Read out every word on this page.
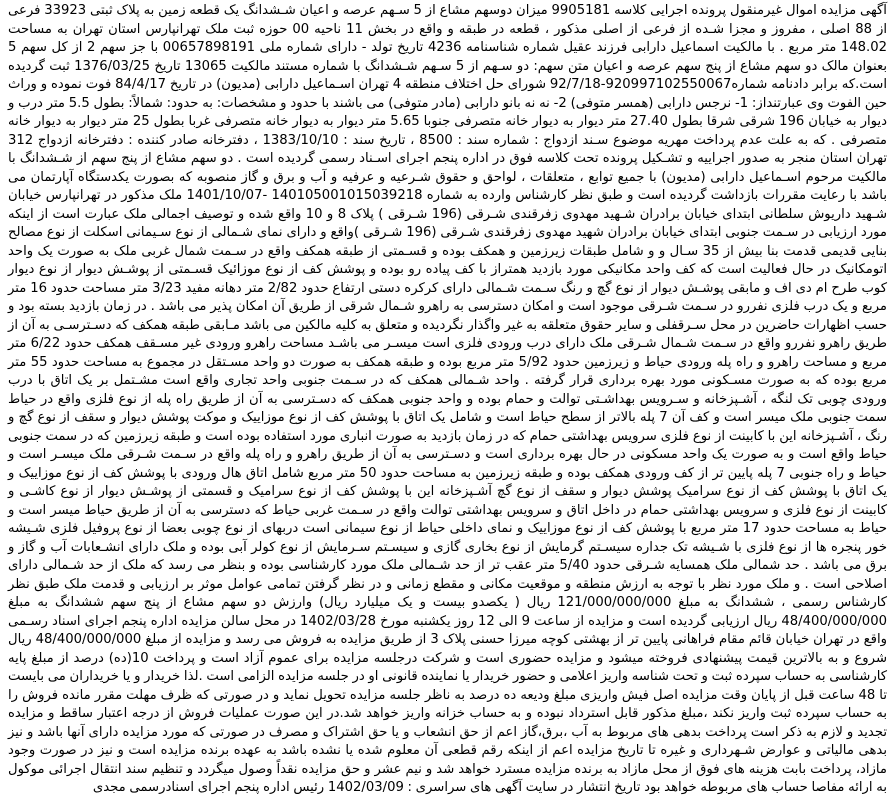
آگهی مزایده اموال غیرمنقول پرونده اجرایی کلاسه 9905181 میزان دوسهم مشاع از 5 سـهم عرصه و اعیان شـشدانگ یک قطعه زمین به پلاک ثبتی 33923 فرعی از 88 اصلی ، مفروز و مجزا شـده از فرعی از اصلی مذکور ، قطعه در طبقه و واقع در بخش 11 ناحیه 00 حوزه ثبت ملک تهرانپارس استان تهران به مساحت 148.02 متر مربع . با مالکیت اسماعیل دارابی فرزند عقیل شماره شناسنامه 4236 تاریخ تولد - دارای شماره ملی 00657898191 با جز سهم 2 از کل سهم 5 بعنوان مالک دو سهم مشاع از پنج سهم عرصه و اعیان متن سهم: دو سـهم از 5 سـهم شـشدانگ با شماره مستند مالکیت 13065 تاریخ 1376/03/25 ثبت گردیده است.که برابر دادنامه شماره920997102550067-92/7/18 شورای حل اختلاف منطقه 4 تهران اسـماعیل دارابی (مدیون) در تاریخ 84/4/17 فوت نموده و وراث حین الفوت وی عبارتنداز: 1- نرجس دارابی (همسر متوفی) 2- نه نه بانو دارابی (مادر متوفی) می باشند با حدود و مشخصات: به حدود: شمالاً: بطول 5.5 متر درب و دیوار به خیابان 196 شرقی شرقا بطول 27.40 متر دیوار به دیوار خانه متصرفی جنوبا 5.65 متر دیوار به دیوار خانه متصرفی غربا بطول 25 متر دیوار به دیوار خانه متصرفی . که به علت عدم پرداخت مهریه موضوع سـند ازدواج : شماره سند : 8500 ، تاریخ سند : 1383/10/10 ، دفترخانه صادر کننده : دفترخانه ازدواج 312 تهران استان منجر به صدور اجراییه و تشـکیل پرونده تحت کلاسه فوق در اداره پنجم اجرای اسـناد رسمی گردیده است . دو سهم مشاع از پنج سهم از شـشدانگ با مالکیت مرحوم اسـماعیل دارابی (مدیون) با جمیع توابع ، متعلقات ، لواحق و حقوق شـرعیه و عرفیه و آب و برق و گاز منصوبه که بصورت یکدستگاه آپارتمان می باشد با رعایت مقررات بازداشت گردیده است و طبق نظر کارشناس وارده به شماره 140105001015039218 -1401/10/07 ملک مذکور در تهرانپارس خیابان شـهید داریوش سلطانی ابتدای خیابان برادران شـهید مهدوی زفرقندی شـرقی (196 شـرقی ) پلاک 8 و 10 واقع شده و توصیف اجمالی ملک عبارت است از اینکه مورد ارزیابی در سـمت جنوبی ابتدای خیابان برادران شهید مهدوی زفرقندی شـرقی (196 شـرقی )واقع و دارای نمای شـمالی از نوع سـیمانی اسکلت از نوع مصالح بنایی قدیمی قدمت بنا بیش از 35 سـال و و شامل طبقات زیرزمین و همکف بوده و قسـمتی از طبقه همکف واقع در سـمت شمال غربی ملک به صورت یک واحد اتومکانیک در حال فعالیت است که کف واحد مکانیکی مورد بازدید همتراز با کف پیاده رو بوده و پوشش کف از نوع موزائیک قسـمتی از پوشـش دیوار از نوع دیوار کوب طرح ام دی اف و مابقی پوشـش دیوار از نوع گچ و رنگ سـمت شـمالی دارای کرکره دستی ارتفاع حدود 2/82 متر دهانه مفید 3/23 متر مساحت حدود 16 متر مربع و یک درب فلزی نفررو در سـمت شـرقی موجود است و امکان دسترسی به راهرو شـمال شرقی از طریق آن امکان پذیر می باشد . در زمان بازدید بسته بود و حسب اظهارات حاضرین در محل سـرقفلی و سایر حقوق متعلقه به غیر واگذار نگردیده و متعلق به کلیه مالکین می باشد مـابقی طبقه همکف که دسـترسـی به آن از طریق راهرو نفررو واقع در سـمت شـمال شـرقی ملک دارای درب ورودی فلزی است میسـر می باشـد مساحت راهرو ورودی غیر مسـقف همکف حدود 6/22 متر مربع و مساحت راهرو و راه پله ورودی حیاط و زیرزمین حدود 5/92 متر مربع بوده و طبقه همکف به صورت دو واحد مسـتقل در مجموع به مساحت حدود 55 متر مربع بوده که به صورت مسـکونی مورد بهره برداری قرار گرفته . واحد شـمالی همکف که در سـمت جنوبی واحد تجاری واقع است مشـتمل بر یک اتاق با درب ورودی چوبی تک لنگه ، آشـپزخانه و سـرویس بهداشـتی توالت و حمام بوده و واحد جنوبی همکف که دسـترسی به آن از طریق راه پله از نوع فلزی واقع در حیاط سمت جنوبی ملک میسر است و کف آن 7 پله بالاتر از سطح حیاط است و شامل یک اتاق با پوشش کف از نوع موزاییک و موکت پوشش دیوار و سقف از نوع گچ و رنگ ، آشـپزخانه این با کابینت از نوع فلزی سرویس بهداشتی حمام که در زمان بازدید به صورت انباری مورد استفاده بوده است و طبقه زیرزمین که در سمت جنوبی حیاط واقع است و به صورت یک واحد مسکونی در حال بهره برداری است و دسـترسی به آن از طریق راهرو و راه پله واقع در سـمت شـرقی ملک میسـر است و حیاط و راه جنوبی 7 پله پایین تر از کف ورودی همکف بوده و طبقه زیرزمین به مساحت حدود 50 متر مربع شامل اتاق هال ورودی با پوشش کف از نوع موزاییک و یک اتاق با پوشش کف از نوع سرامیک پوشش دیوار و سقف از نوع گچ آشـپزخانه این با پوشش کف از نوع سرامیک و قسمتی از پوشـش دیوار از نوع کاشـی و کابینت از نوع فلزی و سرویس بهداشتی حمام در داخل اتاق و سرویس بهداشتی توالت واقع در سـمت غربی حیاط که دسترسی به آن از طریق حیاط میسر است و حیاط به مساحت حدود 17 متر مربع با پوشش کف از نوع موزاییک و نمای داخلی حیاط از نوع سیمانی است دربهای از نوع چوبی بعضا از نوع پروفیل فلزی شـیشه خور پنجره ها از نوع فلزی با شـیشه تک جداره سیسـتم گرمایش از نوع بخاری گازی و سیسـتم سـرمایش از نوع کولر آبی بوده و ملک دارای انشـعابات آب و گاز و برق می باشد . حد شمالی ملک همسایه شـرقی حدود 5/40 متر عقب تر از حد شـمالی ملک مورد کارشناسی بوده و بنظر می رسد که ملک از حد شـمالی دارای اصلاحی است . و ملک مورد نظر با توجه به ارزش منطقه و موقعیت مکانی و مقطع زمانی و در نظر گرفتن تمامی عوامل موثر بر ارزیابی و قدمت ملک طبق نظر کارشناس رسمی ، ششدانگ به مبلغ 121/000/000/000 ریال ( یکصدو بیست و یک میلیارد ریال) وارزش دو سهم مشاع از پنج سهم ششدانگ به مبلغ 48/400/000/000 ریال ارزیابی گردیده است و مزایده از ساعت 9 الی 12 روز یکشنبه مورخ 1402/03/28 در محل سالن مزایده اداره پنجم اجرای اسناد رسـمی واقع در تهران خیابان قائم مقام فراهانی پایین تر از بهشتی کوچه میرزا حسنی پلاک 3 از طریق مزایده به فروش می رسد و مزایده از مبلغ 48/400/000/000 ریال شروع و به بالاترین قیمت پیشنهادی فروخته میشود و مزایده حضوری است و شرکت درجلسه مزایده برای عموم آزاد است و پرداخت 10(ده) درصد از مبلغ پایه کارشناسی به حساب سپرده ثبت و تحت شناسه واریز اعلامی و حضور خریدار یا نماینده قانونی او در جلسه مزایده الزامی است .لذا خریدار و یا خریداران می بایست تا 48 ساعت قبل از پایان وقت مزایده اصل فیش واریزی مبلغ ودیعه ده درصد به ناظر جلسه مزایده تحویل نماید و در صورتی که ظرف مهلت مقرر مانده فروش را به حساب سپرده ثبت واریز نکند ،مبلغ مذکور قابل استرداد نبوده و به حساب خزانه واریز خواهد شد.در این صورت عملیات فروش از درجه اعتبار ساقط و مزایده تجدید و لازم به ذکر است پرداخت بدهی های مربوط به آب ،برق،گاز اعم از حق انشعاب و یا حق اشتراک و مصرف در صورتی که مورد مزایده دارای آنها باشد و نیز بدهی مالیاتی و عوارض شـهرداری و غیره تا تاریخ مزایده اعم از اینکه رقم قطعی آن معلوم شده یا نشده باشد به عهده برنده مزایده است و نیز در صورت وجود مازاد، پرداخت بابت هزینه های فوق از محل مازاد به برنده مزایده مسترد خواهد شد و نیم عشر و حق مزایده نقداً وصول میگردد و تنظیم سند انتقال اجرائی موکول به ارائه مفاصا حساب های مربوطه خواهد بود تاریخ انتشار در سایت آگهی های سراسری : 1402/03/09 رئیس اداره پنجم اجرای اسنادرسمی مجدی
